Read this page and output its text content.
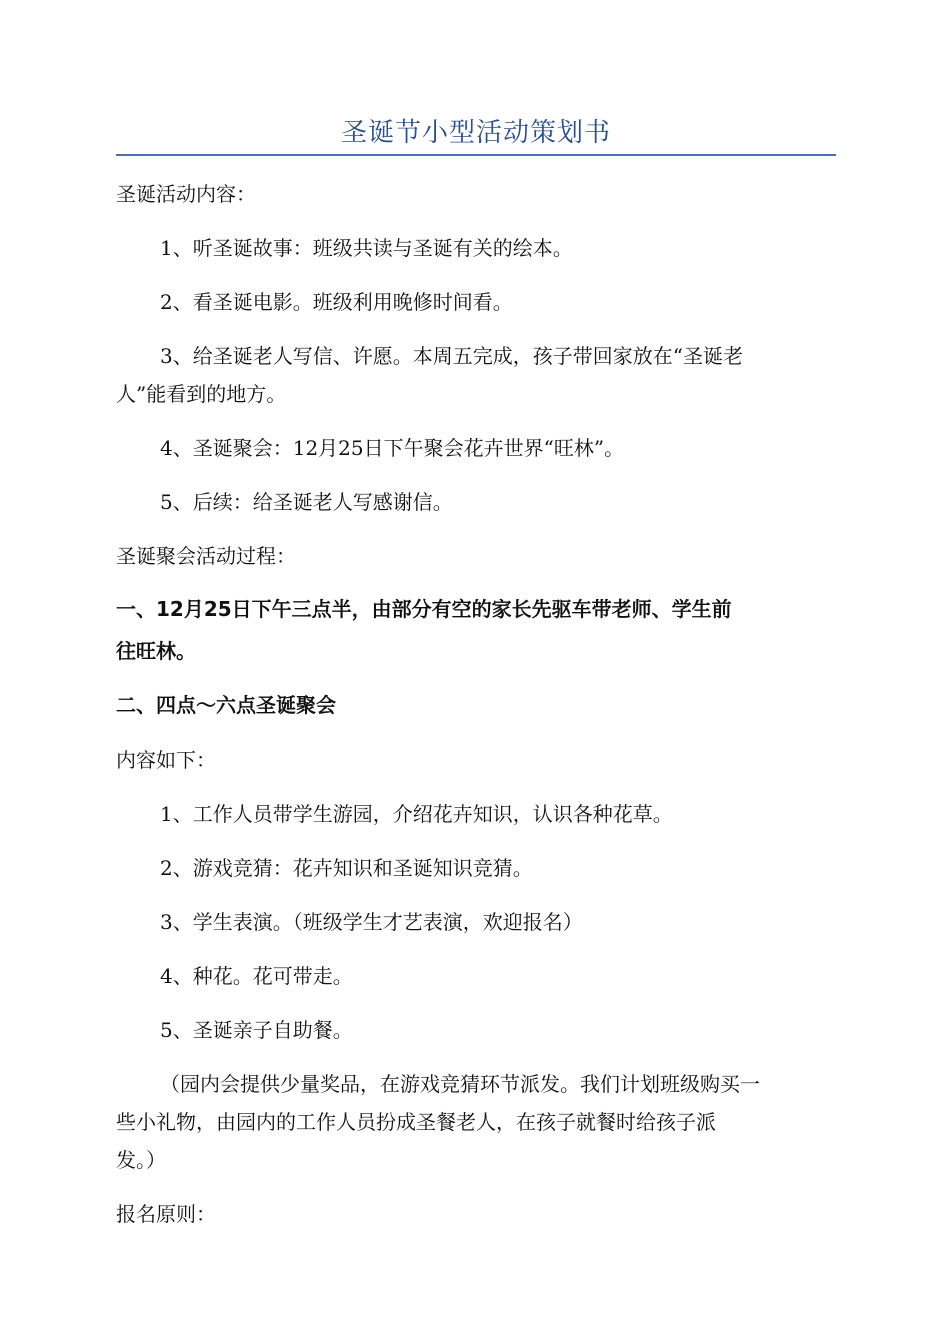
圣诞节小型活动策划书
圣诞活动内容：
1、听圣诞故事：班级共读与圣诞有关的绘本。
2、看圣诞电影。班级利用晚修时间看。
3、给圣诞老人写信、许愿。本周五完成，孩子带回家放在“圣诞老
人”能看到的地方。
4、圣诞聚会：12月25日下午聚会花卉世界“旺林”。
5、后续：给圣诞老人写感谢信。
圣诞聚会活动过程：
一、12月25日下午三点半，由部分有空的家长先驱车带老师、学生前
往旺林。
二、四点～六点圣诞聚会
内容如下：
1、工作人员带学生游园，介绍花卉知识，认识各种花草。
2、游戏竞猜：花卉知识和圣诞知识竞猜。
3、学生表演。（班级学生才艺表演，欢迎报名）
4、种花。花可带走。
5、圣诞亲子自助餐。
（园内会提供少量奖品，在游戏竞猜环节派发。我们计划班级购买一
些小礼物，由园内的工作人员扮成圣餐老人，在孩子就餐时给孩子派
发。）
报名原则：
